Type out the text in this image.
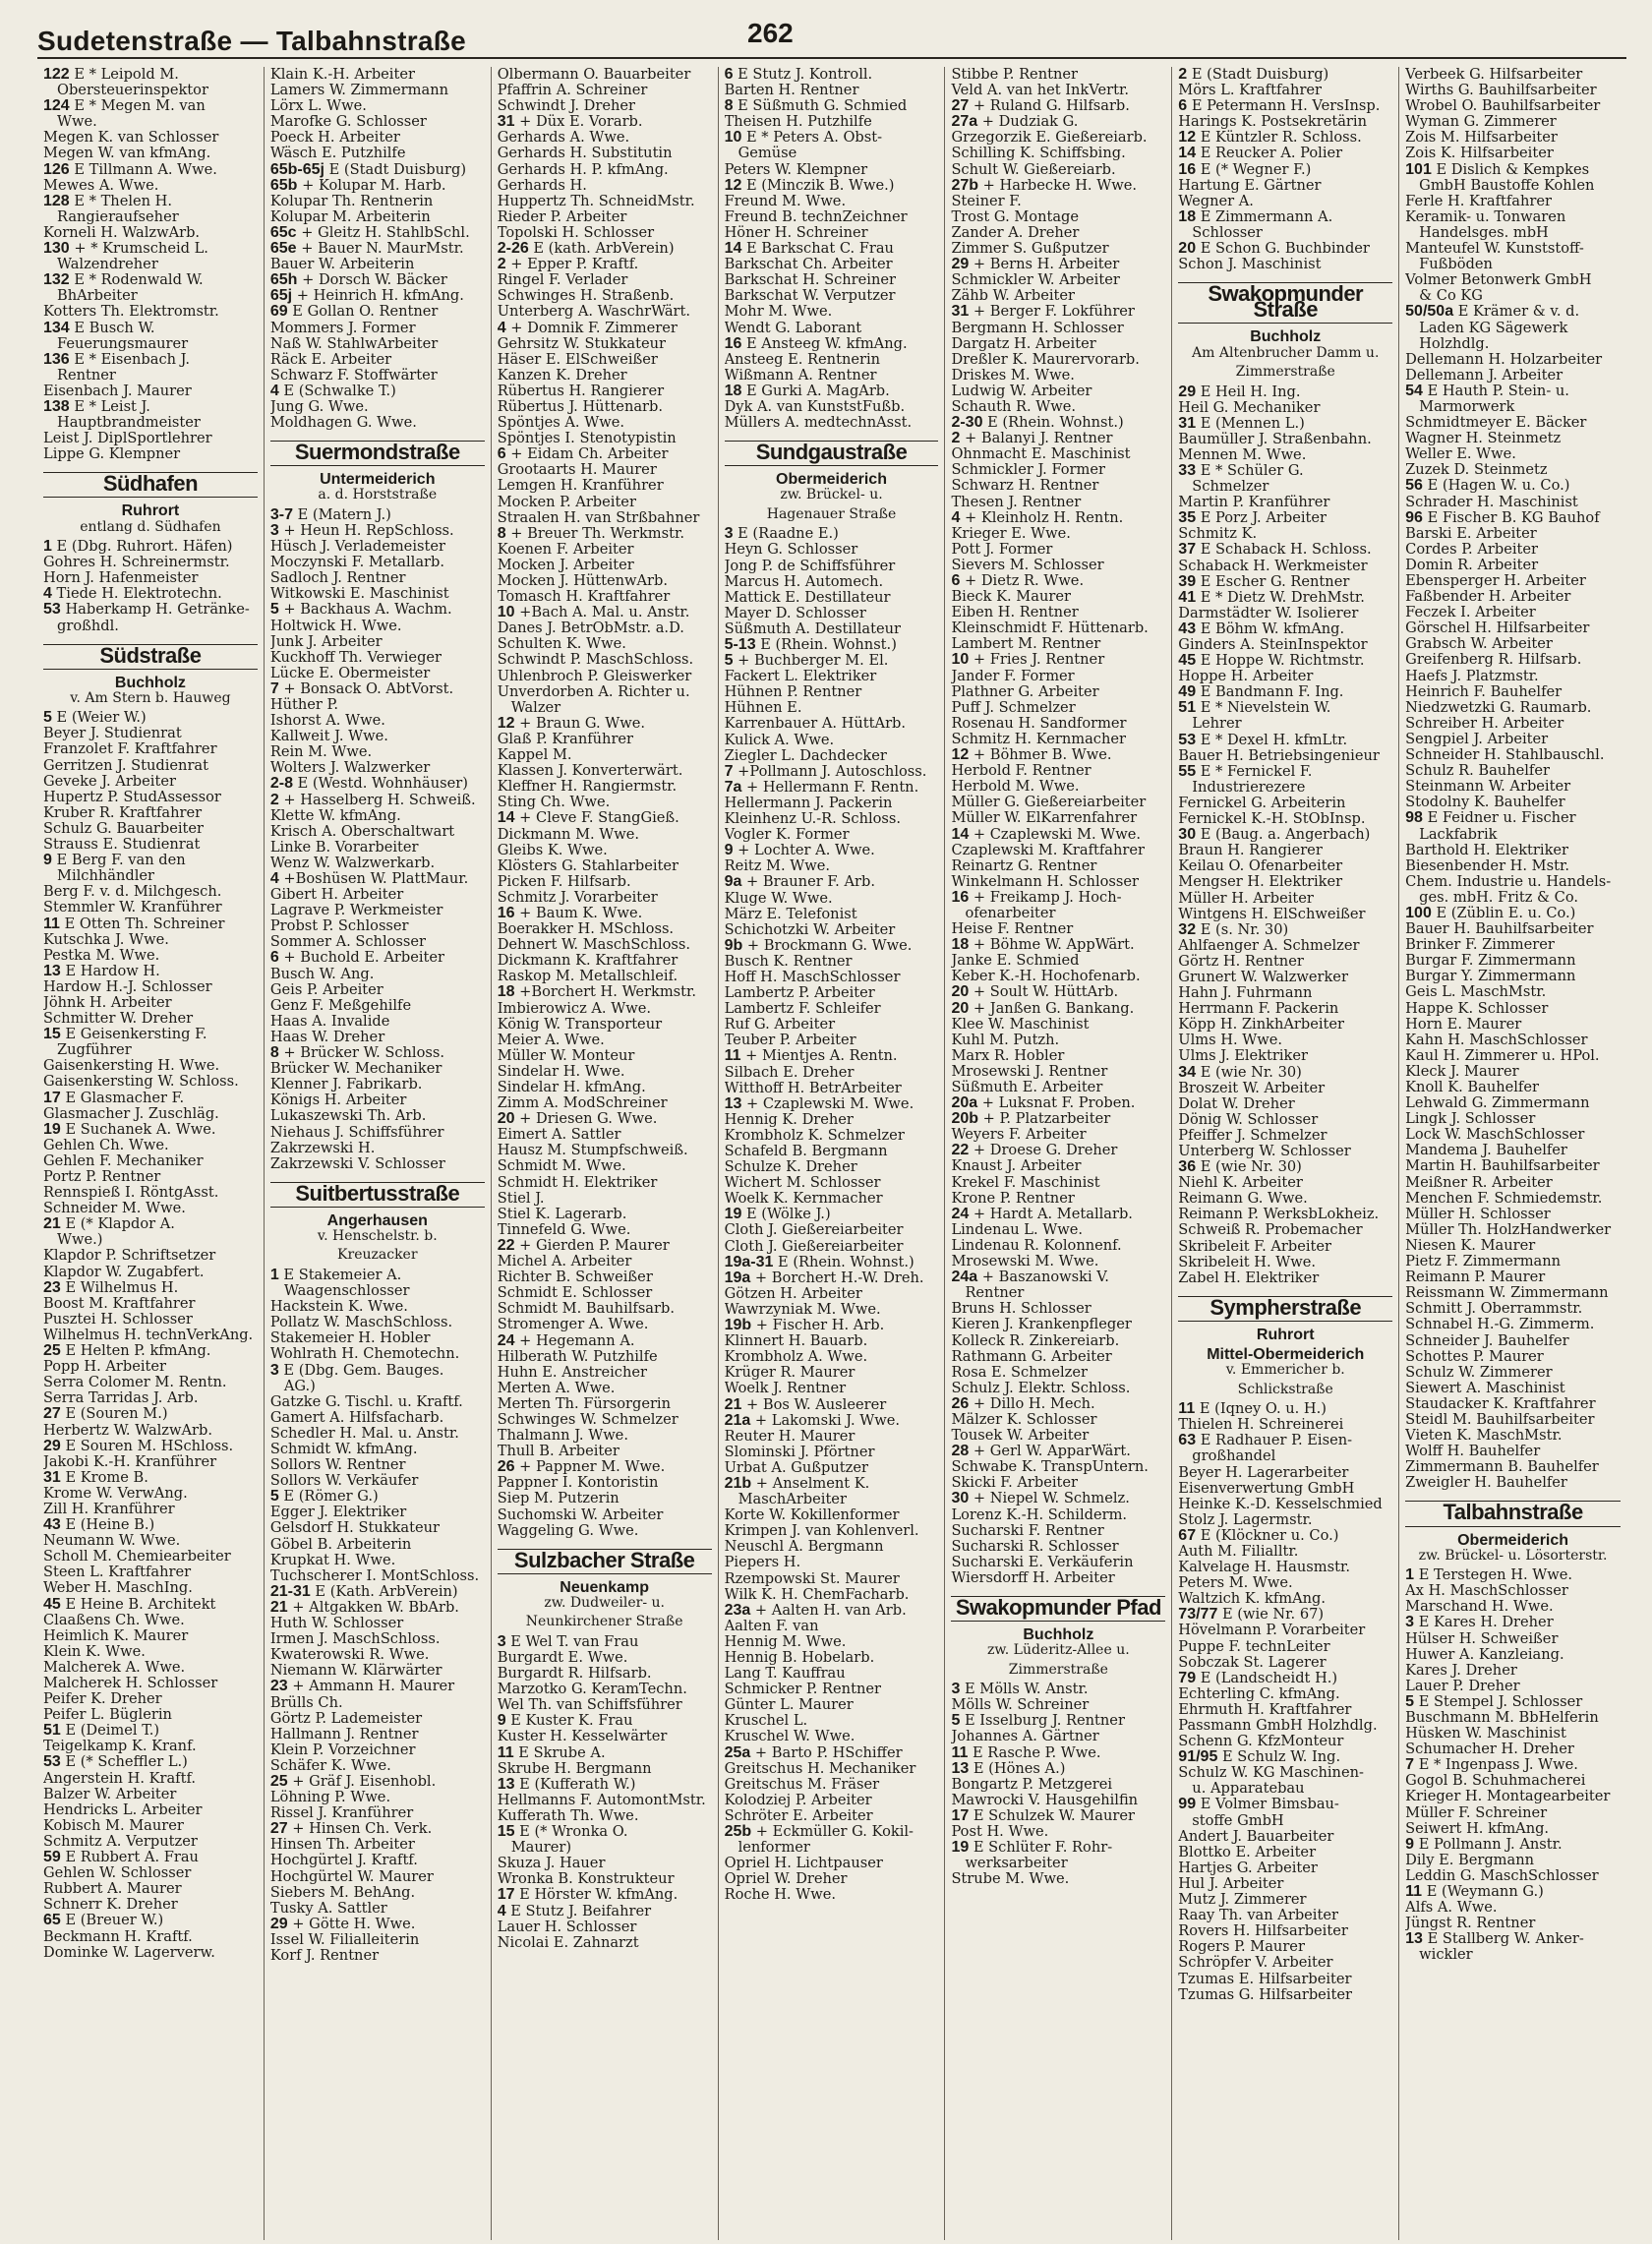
Sudetenstraße — Talbahnstraße	262
122 E * Leipold M.
Obersteuerinspektor
124 E * Megen M. van
Wwe.
Megen K. van Schlosser
Megen W. van kfmAng.
126 E Tillmann A. Wwe.
Mewes A. Wwe.
128 E * Thelen H.
Rangieraufseher
Korneli H. WalzwArb.
130 + * Krumscheid L.
Walzendreher
132 E * Rodenwald W.
BhArbeiter
Kotters Th. Elektromstr.
134 E Busch W.
Feuerungsmaurer
136 E * Eisenbach J.
Rentner
Eisenbach J. Maurer
138 E * Leist J.
Hauptbrandmeister
Leist J. DiplSportlehrer
Lippe G. Klempner
Südhafen
Ruhrort
entlang d. Südhafen
1 E (Dbg. Ruhrort. Häfen)
Gohres H. Schreinermstr.
Horn J. Hafenmeister
4 Tiede H. Elektrotechn.
53 Haberkamp H. Getränke-
großhdl.
Südstraße
Buchholz
v. Am Stern b. Hauweg
5 E (Weier W.)
Beyer J. Studienrat
Franzolet F. Kraftfahrer
Gerritzen J. Studienrat
Geveke J. Arbeiter
Hupertz P. StudAssessor
Kruber R. Kraftfahrer
Schulz G. Bauarbeiter
Strauss E. Studienrat
9 E Berg F. van den
Milchhändler
Berg F. v. d. Milchgesch.
Stemmler W. Kranführer
11 E Otten Th. Schreiner
Kutschka J. Wwe.
Pestka M. Wwe.
13 E Hardow H.
Hardow H.-J. Schlosser
Jöhnk H. Arbeiter
Schmitter W. Dreher
15 E Geisenkersting F.
Zugführer
Gaisenkersting H. Wwe.
Gaisenkersting W. Schloss.
17 E Glasmacher F.
Glasmacher J. Zuschläg.
19 E Suchanek A. Wwe.
Gehlen Ch. Wwe.
Gehlen F. Mechaniker
Portz P. Rentner
Rennspieß I. RöntgAsst.
Schneider M. Wwe.
21 E (* Klapdor A.
Wwe.)
Klapdor P. Schriftsetzer
Klapdor W. Zugabfert.
23 E Wilhelmus H.
Boost M. Kraftfahrer
Pusztei H. Schlosser
Wilhelmus H. technVerkAng.
25 E Helten P. kfmAng.
Popp H. Arbeiter
Serra Colomer M. Rentn.
Serra Tarridas J. Arb.
27 E (Souren M.)
Herbertz W. WalzwArb.
29 E Souren M. HSchloss.
Jakobi K.-H. Kranführer
31 E Krome B.
Krome W. VerwAng.
Zill H. Kranführer
43 E (Heine B.)
Neumann W. Wwe.
Scholl M. Chemiearbeiter
Steen L. Kraftfahrer
Weber H. MaschIng.
45 E Heine B. Architekt
Claaßens Ch. Wwe.
Heimlich K. Maurer
Klein K. Wwe.
Malcherek A. Wwe.
Malcherek H. Schlosser
Peifer K. Dreher
Peifer L. Büglerin
51 E (Deimel T.)
Teigelkamp K. Kranf.
53 E (* Scheffler L.)
Angerstein H. Kraftf.
Balzer W. Arbeiter
Hendricks L. Arbeiter
Kobisch M. Maurer
Schmitz A. Verputzer
59 E Rubbert A. Frau
Gehlen W. Schlosser
Rubbert A. Maurer
Schnerr K. Dreher
65 E (Breuer W.)
Beckmann H. Kraftf.
Dominke W. Lagerverw.
Klain K.-H. Arbeiter
Lamers W. Zimmermann
Lörx L. Wwe.
Marofke G. Schlosser
Poeck H. Arbeiter
Wäsch E. Putzhilfe
65b-65j E (Stadt Duisburg)
65b + Kolupar M. Harb.
Kolupar Th. Rentnerin
Kolupar M. Arbeiterin
65c + Gleitz H. StahlbSchl.
65e + Bauer N. MaurMstr.
Bauer W. Arbeiterin
65h + Dorsch W. Bäcker
65j + Heinrich H. kfmAng.
69 E Gollan O. Rentner
Mommers J. Former
Naß W. StahlwArbeiter
Räck E. Arbeiter
Schwarz F. Stoffwärter
4 E (Schwalke T.)
Jung G. Wwe.
Moldhagen G. Wwe.
Suermondstraße
Untermeiderich
a. d. Horststraße
3-7 E (Matern J.)
3 + Heun H. RepSchloss.
Hüsch J. Verlademeister
Moczynski F. Metallarb.
Sadloch J. Rentner
Witkowski E. Maschinist
5 + Backhaus A. Wachm.
Holtwick H. Wwe.
Junk J. Arbeiter
Kuckhoff Th. Verwieger
Lücke E. Obermeister
7 + Bonsack O. AbtVorst.
Hüther P.
Ishorst A. Wwe.
Kallweit J. Wwe.
Rein M. Wwe.
Wolters J. Walzwerker
2-8 E (Westd. Wohnhäuser)
2 + Hasselberg H. Schweiß.
Klette W. kfmAng.
Krisch A. Oberschaltwart
Linke B. Vorarbeiter
Wenz W. Walzwerkarb.
4 +Boshüsen W. PlattMaur.
Gibert H. Arbeiter
Lagrave P. Werkmeister
Probst P. Schlosser
Sommer A. Schlosser
6 + Buchold E. Arbeiter
Busch W. Ang.
Geis P. Arbeiter
Genz F. Meßgehilfe
Haas A. Invalide
Haas W. Dreher
8 + Brücker W. Schloss.
Brücker W. Mechaniker
Klenner J. Fabrikarb.
Königs H. Arbeiter
Lukaszewski Th. Arb.
Niehaus J. Schiffsführer
Zakrzewski H.
Zakrzewski V. Schlosser
Suitbertusstraße
Angerhausen
v. Henschelstr. b.
Kreuzacker
1 E Stakemeier A.
Waagenschlosser
Hackstein K. Wwe.
Pollatz W. MaschSchloss.
Stakemeier H. Hobler
Wohlrath H. Chemotechn.
3 E (Dbg. Gem. Bauges.
AG.)
Gatzke G. Tischl. u. Kraftf.
Gamert A. Hilfsfacharb.
Schedler H. Mal. u. Anstr.
Schmidt W. kfmAng.
Sollors W. Rentner
Sollors W. Verkäufer
5 E (Römer G.)
Egger J. Elektriker
Gelsdorf H. Stukkateur
Göbel B. Arbeiterin
Krupkat H. Wwe.
Tuchscherer I. MontSchloss.
21-31 E (Kath. ArbVerein)
21 + Altgakken W. BbArb.
Huth W. Schlosser
Irmen J. MaschSchloss.
Kwaterowski R. Wwe.
Niemann W. Klärwärter
23 + Ammann H. Maurer
Brülls Ch.
Görtz P. Lademeister
Hallmann J. Rentner
Klein P. Vorzeichner
Schäfer K. Wwe.
25 + Gräf J. Eisenhobl.
Löhning P. Wwe.
Rissel J. Kranführer
27 + Hinsen Ch. Verk.
Hinsen Th. Arbeiter
Hochgürtel J. Kraftf.
Hochgürtel W. Maurer
Siebers M. BehAng.
Tusky A. Sattler
29 + Götte H. Wwe.
Issel W. Filialleiterin
Korf J. Rentner
Olbermann O. Bauarbeiter
Pfaffrin A. Schreiner
Schwindt J. Dreher
31 + Düx E. Vorarb.
Gerhards A. Wwe.
Gerhards H. Substitutin
Gerhards H. P. kfmAng.
Gerhards H.
Huppertz Th. SchneidMstr.
Rieder P. Arbeiter
Topolski H. Schlosser
2-26 E (kath. ArbVerein)
2 + Epper P. Kraftf.
Ringel F. Verlader
Schwinges H. Straßenb.
Unterberg A. WaschrWärt.
4 + Domnik F. Zimmerer
Gehrsitz W. Stukkateur
Häser E. ElSchweißer
Kanzen K. Dreher
Rübertus H. Rangierer
Rübertus J. Hüttenarb.
Spöntjes A. Wwe.
Spöntjes I. Stenotypistin
6 + Eidam Ch. Arbeiter
Grootaarts H. Maurer
Lemgen H. Kranführer
Mocken P. Arbeiter
Straalen H. van Strßbahner
8 + Breuer Th. Werkmstr.
Koenen F. Arbeiter
Mocken J. Arbeiter
Mocken J. HüttenwArb.
Tomasch H. Kraftfahrer
10 +Bach A. Mal. u. Anstr.
Danes J. BetrObMstr. a.D.
Schulten K. Wwe.
Schwindt P. MaschSchloss.
Uhlenbroch P. Gleiswerker
Unverdorben A. Richter u.
Walzer
12 + Braun G. Wwe.
Glaß P. Kranführer
Kappel M.
Klassen J. Konverterwärt.
Kleffner H. Rangiermstr.
Sting Ch. Wwe.
14 + Cleve F. StangGieß.
Dickmann M. Wwe.
Gleibs K. Wwe.
Klösters G. Stahlarbeiter
Picken F. Hilfsarb.
Schmitz J. Vorarbeiter
16 + Baum K. Wwe.
Boerakker H. MSchloss.
Dehnert W. MaschSchloss.
Dickmann K. Kraftfahrer
Raskop M. Metallschleif.
18 +Borchert H. Werkmstr.
Imbierowicz A. Wwe.
König W. Transporteur
Meier A. Wwe.
Müller W. Monteur
Sindelar H. Wwe.
Sindelar H. kfmAng.
Zimm A. ModSchreiner
20 + Driesen G. Wwe.
Eimert A. Sattler
Hausz M. Stumpfschweiß.
Schmidt M. Wwe.
Schmidt H. Elektriker
Stiel J.
Stiel K. Lagerarb.
Tinnefeld G. Wwe.
22 + Gierden P. Maurer
Michel A. Arbeiter
Richter B. Schweißer
Schmidt E. Schlosser
Schmidt M. Bauhilfsarb.
Stromenger A. Wwe.
24 + Hegemann A.
Hilberath W. Putzhilfe
Huhn E. Anstreicher
Merten A. Wwe.
Merten Th. Fürsorgerin
Schwinges W. Schmelzer
Thalmann J. Wwe.
Thull B. Arbeiter
26 + Pappner M. Wwe.
Pappner I. Kontoristin
Siep M. Putzerin
Suchomski W. Arbeiter
Waggeling G. Wwe.
Sulzbacher Straße
Neuenkamp
zw. Dudweiler- u.
Neunkirchener Straße
3 E Wel T. van Frau
Burgardt E. Wwe.
Burgardt R. Hilfsarb.
Marzotko G. KeramTechn.
Wel Th. van Schiffsführer
9 E Kuster K. Frau
Kuster H. Kesselwärter
11 E Skrube A.
Skrube H. Bergmann
13 E (Kufferath W.)
Hellmanns F. AutomontMstr.
Kufferath Th. Wwe.
15 E (* Wronka O.
Maurer)
Skuza J. Hauer
Wronka B. Konstrukteur
17 E Hörster W. kfmAng.
4 E Stutz J. Beifahrer
Lauer H. Schlosser
Nicolai E. Zahnarzt
6 E Stutz J. Kontroll.
Barten H. Rentner
8 E Süßmuth G. Schmied
Theisen H. Putzhilfe
10 E * Peters A. Obst-
Gemüse
Peters W. Klempner
12 E (Minczik B. Wwe.)
Freund M. Wwe.
Freund B. technZeichner
Höner H. Schreiner
14 E Barkschat C. Frau
Barkschat Ch. Arbeiter
Barkschat H. Schreiner
Barkschat W. Verputzer
Mohr M. Wwe.
Wendt G. Laborant
16 E Ansteeg W. kfmAng.
Ansteeg E. Rentnerin
Wißmann A. Rentner
18 E Gurki A. MagArb.
Dyk A. van KunststFußb.
Müllers A. medtechnAsst.
Sundgaustraße
Obermeiderich
zw. Brückel- u.
Hagenauer Straße
3 E (Raadne E.)
Heyn G. Schlosser
Jong P. de Schiffsführer
Marcus H. Automech.
Mattick E. Destillateur
Mayer D. Schlosser
Süßmuth A. Destillateur
5-13 E (Rhein. Wohnst.)
5 + Buchberger M. El.
Fackert L. Elektriker
Hühnen P. Rentner
Hühnen E.
Karrenbauer A. HüttArb.
Kulick A. Wwe.
Ziegler L. Dachdecker
7 +Pollmann J. Autoschloss.
7a + Hellermann F. Rentn.
Hellermann J. Packerin
Kleinhenz U.-R. Schloss.
Vogler K. Former
9 + Lochter A. Wwe.
Reitz M. Wwe.
9a + Brauner F. Arb.
Kluge W. Wwe.
März E. Telefonist
Schichotzki W. Arbeiter
9b + Brockmann G. Wwe.
Busch K. Rentner
Hoff H. MaschSchlosser
Lambertz P. Arbeiter
Lambertz F. Schleifer
Ruf G. Arbeiter
Teuber P. Arbeiter
11 + Mientjes A. Rentn.
Silbach E. Dreher
Witthoff H. BetrArbeiter
13 + Czaplewski M. Wwe.
Hennig K. Dreher
Krombholz K. Schmelzer
Schafeld B. Bergmann
Schulze K. Dreher
Wichert M. Schlosser
Woelk K. Kernmacher
19 E (Wölke J.)
Cloth J. Gießereiarbeiter
Cloth J. Gießereiarbeiter
19a-31 E (Rhein. Wohnst.)
19a + Borchert H.-W. Dreh.
Götzen H. Arbeiter
Wawrzyniak M. Wwe.
19b + Fischer H. Arb.
Klinnert H. Bauarb.
Krombholz A. Wwe.
Krüger R. Maurer
Woelk J. Rentner
21 + Bos W. Ausleerer
21a + Lakomski J. Wwe.
Reuter H. Maurer
Slominski J. Pförtner
Urbat A. Gußputzer
21b + Anselment K.
MaschArbeiter
Korte W. Kokillenformer
Krimpen J. van Kohlenverl.
Neuschl A. Bergmann
Piepers H.
Rzempowski St. Maurer
Wilk K. H. ChemFacharb.
23a + Aalten H. van Arb.
Aalten F. van
Hennig M. Wwe.
Hennig B. Hobelarb.
Lang T. Kauffrau
Schmicker P. Rentner
Günter L. Maurer
Kruschel L.
Kruschel W. Wwe.
25a + Barto P. HSchiffer
Greitschus H. Mechaniker
Greitschus M. Fräser
Kolodziej P. Arbeiter
Schröter E. Arbeiter
25b + Eckmüller G. Kokil-
lenformer
Opriel H. Lichtpauser
Opriel W. Dreher
Roche H. Wwe.
Stibbe P. Rentner
Veld A. van het InkVertr.
27 + Ruland G. Hilfsarb.
27a + Dudziak G.
Grzegorzik E. Gießereiarb.
Schilling K. Schiffsbing.
Schult W. Gießereiarb.
27b + Harbecke H. Wwe.
Steiner F.
Trost G. Montage
Zander A. Dreher
Zimmer S. Gußputzer
29 + Berns H. Arbeiter
Schmickler W. Arbeiter
Zähb W. Arbeiter
31 + Berger F. Lokführer
Bergmann H. Schlosser
Dargatz H. Arbeiter
Dreßler K. Maurervorarb.
Driskes M. Wwe.
Ludwig W. Arbeiter
Schauth R. Wwe.
2-30 E (Rhein. Wohnst.)
2 + Balanyi J. Rentner
Ohnmacht E. Maschinist
Schmickler J. Former
Schwarz H. Rentner
Thesen J. Rentner
4 + Kleinholz H. Rentn.
Krieger E. Wwe.
Pott J. Former
Sievers M. Schlosser
6 + Dietz R. Wwe.
Bieck K. Maurer
Eiben H. Rentner
Kleinschmidt F. Hüttenarb.
Lambert M. Rentner
10 + Fries J. Rentner
Jander F. Former
Plathner G. Arbeiter
Puff J. Schmelzer
Rosenau H. Sandformer
Schmitz H. Kernmacher
12 + Böhmer B. Wwe.
Herbold F. Rentner
Herbold M. Wwe.
Müller G. Gießereiarbeiter
Müller W. ElKarrenfahrer
14 + Czaplewski M. Wwe.
Czaplewski M. Kraftfahrer
Reinartz G. Rentner
Winkelmann H. Schlosser
16 + Freikamp J. Hoch-
ofenarbeiter
Heise F. Rentner
18 + Böhme W. AppWärt.
Janke E. Schmied
Keber K.-H. Hochofenarb.
20 + Soult W. HüttArb.
20 + Janßen G. Bankang.
Klee W. Maschinist
Kuhl M. Putzh.
Marx R. Hobler
Mrosewski J. Rentner
Süßmuth E. Arbeiter
20a + Luksnat F. Proben.
20b + P. Platzarbeiter
Weyers F. Arbeiter
22 + Droese G. Dreher
Knaust J. Arbeiter
Krekel F. Maschinist
Krone P. Rentner
24 + Hardt A. Metallarb.
Lindenau L. Wwe.
Lindenau R. Kolonnenf.
Mrosewski M. Wwe.
24a + Baszanowski V.
Rentner
Bruns H. Schlosser
Kieren J. Krankenpfleger
Kolleck R. Zinkereiarb.
Rathmann G. Arbeiter
Rosa E. Schmelzer
Schulz J. Elektr. Schloss.
26 + Dillo H. Mech.
Mälzer K. Schlosser
Tousek W. Arbeiter
28 + Gerl W. ApparWärt.
Schwabe K. TranspUntern.
Skicki F. Arbeiter
30 + Niepel W. Schmelz.
Lorenz K.-H. Schilderm.
Sucharski F. Rentner
Sucharski R. Schlosser
Sucharski E. Verkäuferin
Wiersdorff H. Arbeiter
Swakopmunder Pfad
Buchholz
zw. Lüderitz-Allee u.
Zimmerstraße
3 E Mölls W. Anstr.
Mölls W. Schreiner
5 E Isselburg J. Rentner
Johannes A. Gärtner
11 E Rasche P. Wwe.
13 E (Hönes A.)
Bongartz P. Metzgerei
Mawrocki V. Hausgehilfin
17 E Schulzek W. Maurer
Post H. Wwe.
19 E Schlüter F. Rohr-
werksarbeiter
Strube M. Wwe.
2 E (Stadt Duisburg)
Mörs L. Kraftfahrer
6 E Petermann H. VersInsp.
Harings K. Postsekretärin
12 E Küntzler R. Schloss.
14 E Reucker A. Polier
16 E (* Wegner F.)
Hartung E. Gärtner
Wegner A.
18 E Zimmermann A.
Schlosser
20 E Schon G. Buchbinder
Schon J. Maschinist
Swakopmunder Straße
Buchholz
Am Altenbrucher Damm u.
Zimmerstraße
29 E Heil H. Ing.
Heil G. Mechaniker
31 E (Mennen L.)
Baumüller J. Straßenbahn.
Mennen M. Wwe.
33 E * Schüler G.
Schmelzer
Martin P. Kranführer
35 E Porz J. Arbeiter
Schmitz K.
37 E Schaback H. Schloss.
Schaback H. Werkmeister
39 E Escher G. Rentner
41 E * Dietz W. DrehMstr.
Darmstädter W. Isolierer
43 E Böhm W. kfmAng.
Ginders A. SteinInspektor
45 E Hoppe W. Richtmstr.
Hoppe H. Arbeiter
49 E Bandmann F. Ing.
51 E * Nievelstein W.
Lehrer
53 E * Dexel H. kfmLtr.
Bauer H. Betriebsingenieur
55 E * Fernickel F.
Industrierezere
Fernickel G. Arbeiterin
Fernickel K.-H. StObInsp.
30 E (Baug. a. Angerbach)
Braun H. Rangierer
Keilau O. Ofenarbeiter
Mengser H. Elektriker
Müller H. Arbeiter
Wintgens H. ElSchweißer
32 E (s. Nr. 30)
Ahlfaenger A. Schmelzer
Görtz H. Rentner
Grunert W. Walzwerker
Hahn J. Fuhrmann
Herrmann F. Packerin
Köpp H. ZinkhArbeiter
Ulms H. Wwe.
Ulms J. Elektriker
34 E (wie Nr. 30)
Broszeit W. Arbeiter
Dolat W. Dreher
Dönig W. Schlosser
Pfeiffer J. Schmelzer
Unterberg W. Schlosser
36 E (wie Nr. 30)
Niehl K. Arbeiter
Reimann G. Wwe.
Reimann P. WerksbLokheiz.
Schweiß R. Probemacher
Skribeleit F. Arbeiter
Skribeleit H. Wwe.
Zabel H. Elektriker
Sympherstraße
Ruhrort
Mittel-Obermeiderich
v. Emmericher b.
Schlickstraße
11 E (Iqney O. u. H.)
Thielen H. Schreinerei
63 E Radhauer P. Eisen-
großhandel
Beyer H. Lagerarbeiter
Eisenverwertung GmbH
Heinke K.-D. Kesselschmied
Stolz J. Lagermstr.
67 E (Klöckner u. Co.)
Auth M. Filialltr.
Kalvelage H. Hausmstr.
Peters M. Wwe.
Waltzich K. kfmAng.
73/77 E (wie Nr. 67)
Hövelmann P. Vorarbeiter
Puppe F. technLeiter
Sobczak St. Lagerer
79 E (Landscheidt H.)
Echterling C. kfmAng.
Ehrmuth H. Kraftfahrer
Passmann GmbH Holzhdlg.
Schenn G. KfzMonteur
91/95 E Schulz W. Ing.
Schulz W. KG Maschinen-
u. Apparatebau
99 E Volmer Bimsbau-
stoffe GmbH
Andert J. Bauarbeiter
Blottko E. Arbeiter
Hartjes G. Arbeiter
Hul J. Arbeiter
Mutz J. Zimmerer
Raay Th. van Arbeiter
Rovers H. Hilfsarbeiter
Rogers P. Maurer
Schröpfer V. Arbeiter
Tzumas E. Hilfsarbeiter
Tzumas G. Hilfsarbeiter
Verbeek G. Hilfsarbeiter
Wirths G. Bauhilfsarbeiter
Wrobel O. Bauhilfsarbeiter
Wyman G. Zimmerer
Zois M. Hilfsarbeiter
Zois K. Hilfsarbeiter
101 E Dislich & Kempkes
GmbH Baustoffe Kohlen
Ferle H. Kraftfahrer
Keramik- u. Tonwaren
Handelsges. mbH
Manteufel W. Kunststoff-
Fußböden
Volmer Betonwerk GmbH
& Co KG
50/50a E Krämer & v. d.
Laden KG Sägewerk
Holzhdlg.
Dellemann H. Holzarbeiter
Dellemann J. Arbeiter
54 E Hauth P. Stein- u.
Marmorwerk
Schmidtmeyer E. Bäcker
Wagner H. Steinmetz
Weller E. Wwe.
Zuzek D. Steinmetz
56 E (Hagen W. u. Co.)
Schrader H. Maschinist
96 E Fischer B. KG Bauhof
Barski E. Arbeiter
Cordes P. Arbeiter
Domin R. Arbeiter
Ebensperger H. Arbeiter
Faßbender H. Arbeiter
Feczek I. Arbeiter
Görschel H. Hilfsarbeiter
Grabsch W. Arbeiter
Greifenberg R. Hilfsarb.
Haefs J. Platzmstr.
Heinrich F. Bauhelfer
Niedzwetzki G. Raumarb.
Schreiber H. Arbeiter
Sengpiel J. Arbeiter
Schneider H. Stahlbauschl.
Schulz R. Bauhelfer
Steinmann W. Arbeiter
Stodolny K. Bauhelfer
98 E Feidner u. Fischer
Lackfabrik
Barthold H. Elektriker
Biesenbender H. Mstr.
Chem. Industrie u. Handels-
ges. mbH. Fritz & Co.
100 E (Züblin E. u. Co.)
Bauer H. Bauhilfsarbeiter
Brinker F. Zimmerer
Burgar F. Zimmermann
Burgar Y. Zimmermann
Geis L. MaschMstr.
Happe K. Schlosser
Horn E. Maurer
Kahn H. MaschSchlosser
Kaul H. Zimmerer u. HPol.
Kleck J. Maurer
Knoll K. Bauhelfer
Lehwald G. Zimmermann
Lingk J. Schlosser
Lock W. MaschSchlosser
Mandema J. Bauhelfer
Martin H. Bauhilfsarbeiter
Meißner R. Arbeiter
Menchen F. Schmiedemstr.
Müller H. Schlosser
Müller Th. HolzHandwerker
Niesen K. Maurer
Pietz F. Zimmermann
Reimann P. Maurer
Reissmann W. Zimmermann
Schmitt J. Oberrammstr.
Schnabel H.-G. Zimmerm.
Schneider J. Bauhelfer
Schottes P. Maurer
Schulz W. Zimmerer
Siewert A. Maschinist
Staudacker K. Kraftfahrer
Steidl M. Bauhilfsarbeiter
Vieten K. MaschMstr.
Wolff H. Bauhelfer
Zimmermann B. Bauhelfer
Zweigler H. Bauhelfer
Talbahnstraße
Obermeiderich
zw. Brückel- u. Lösorterstr.
1 E Terstegen H. Wwe.
Ax H. MaschSchlosser
Marschand H. Wwe.
3 E Kares H. Dreher
Hülser H. Schweißer
Huwer A. Kanzleiang.
Kares J. Dreher
Lauer P. Dreher
5 E Stempel J. Schlosser
Buschmann M. BbHelferin
Hüsken W. Maschinist
Schumacher H. Dreher
7 E * Ingenpass J. Wwe.
Gogol B. Schuhmacherei
Krieger H. Montagearbeiter
Müller F. Schreiner
Seiwert H. kfmAng.
9 E Pollmann J. Anstr.
Dily E. Bergmann
Leddin G. MaschSchlosser
11 E (Weymann G.)
Alfs A. Wwe.
Jüngst R. Rentner
13 E Stallberg W. Anker-
wickler
